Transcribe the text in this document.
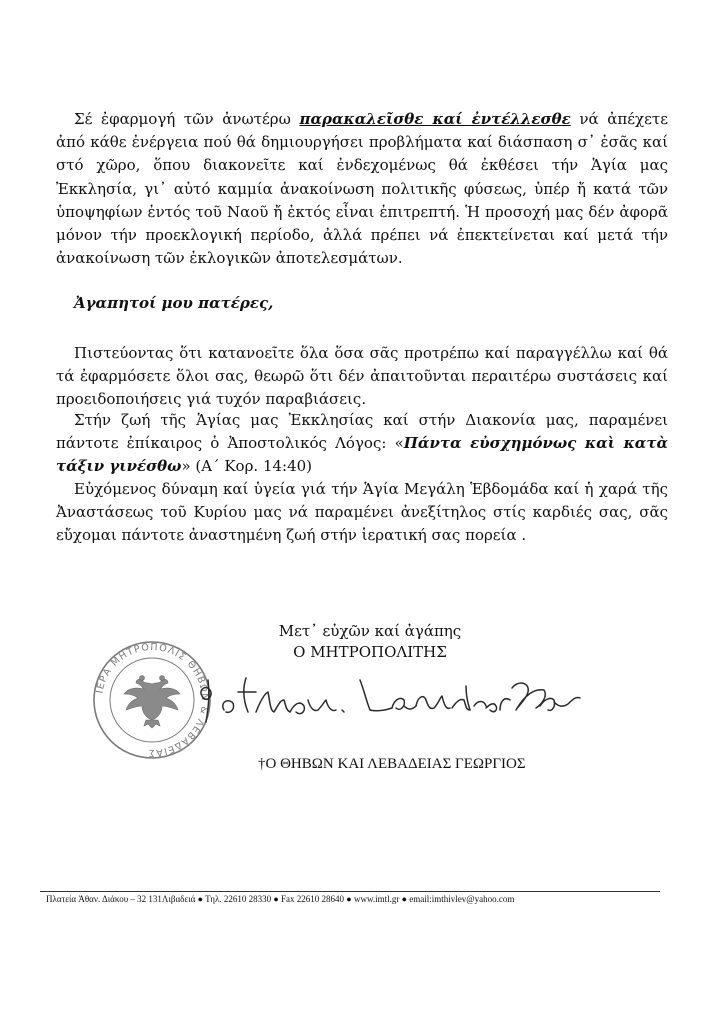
Σέ ἐφαρμογή τῶν ἀνωτέρω παρακαλεῖσθε καί ἐντέλλεσθε νά ἀπέχετε ἀπό κάθε ἐνέργεια πού θά δημιουργήσει προβλήματα καί διάσπαση σ᾽ ἐσᾶς καί στό χῶρο, ὅπου διακονεῖτε καί ἐνδεχομένως θά ἐκθέσει τήν Ἁγία μας Ἐκκλησία, γι᾽ αὐτό καμμία ἀνακοίνωση πολιτικῆς φύσεως, ὑπέρ ἤ κατά τῶν ὑποψηφίων ἐντός τοῦ Ναοῦ ἤ ἐκτός εἶναι ἐπιτρεπτή. Ἡ προσοχή μας δέν ἀφορᾶ μόνον τήν προεκλογική περίοδο, ἀλλά πρέπει νά ἐπεκτείνεται καί μετά τήν ἀνακοίνωση τῶν ἐκλογικῶν ἀποτελεσμάτων.

Ἀγαπητοί μου πατέρες,

Πιστεύοντας ὅτι κατανοεῖτε ὅλα ὅσα σᾶς προτρέπω καί παραγγέλλω καί θά τά ἐφαρμόσετε ὅλοι σας, θεωρῶ ὅτι δέν ἀπαιτοῦνται περαιτέρω συστάσεις καί προειδοποιήσεις γιά τυχόν παραβιάσεις.

Στήν ζωή τῆς Ἁγίας μας Ἐκκλησίας καί στήν Διακονία μας, παραμένει πάντοτε ἐπίκαιρος ὁ Ἀποστολικός Λόγος: «Πάντα εὐσχημόνως καὶ κατὰ τάξιν γινέσθω» (Α΄ Κορ. 14:40)

Εὐχόμενος δύναμη καί ὑγεία γιά τήν Ἁγία Μεγάλη Ἑβδομάδα καί ἡ χαρά τῆς Ἀναστάσεως τοῦ Κυρίου μας νά παραμένει ἀνεξίτηλος στίς καρδιές σας, σᾶς εὔχομαι πάντοτε ἀναστημένη ζωή στήν ἱερατική σας πορεία .

Μετ᾽ εὐχῶν καί ἀγάπης

Ο ΜΗΤΡΟΠΟΛΙΤΗΣ

ΙΕΡΑ ΜΗΤΡΟΠΟΛΙΣ ΘΗΒΩΝ & ΛΕΒΑΔΕΙΑΣ

†Ο ΘΗΒΩΝ ΚΑΙ ΛΕΒΑΔΕΙΑΣ ΓΕΩΡΓΙΟΣ

Πλατεία Ἀθαν. Διάκου – 32 131Λιβαδειά ● Τηλ. 22610 28330 ● Fax 22610 28640 ● www.imtl.gr ● email:imthivlev@yahoo.com
